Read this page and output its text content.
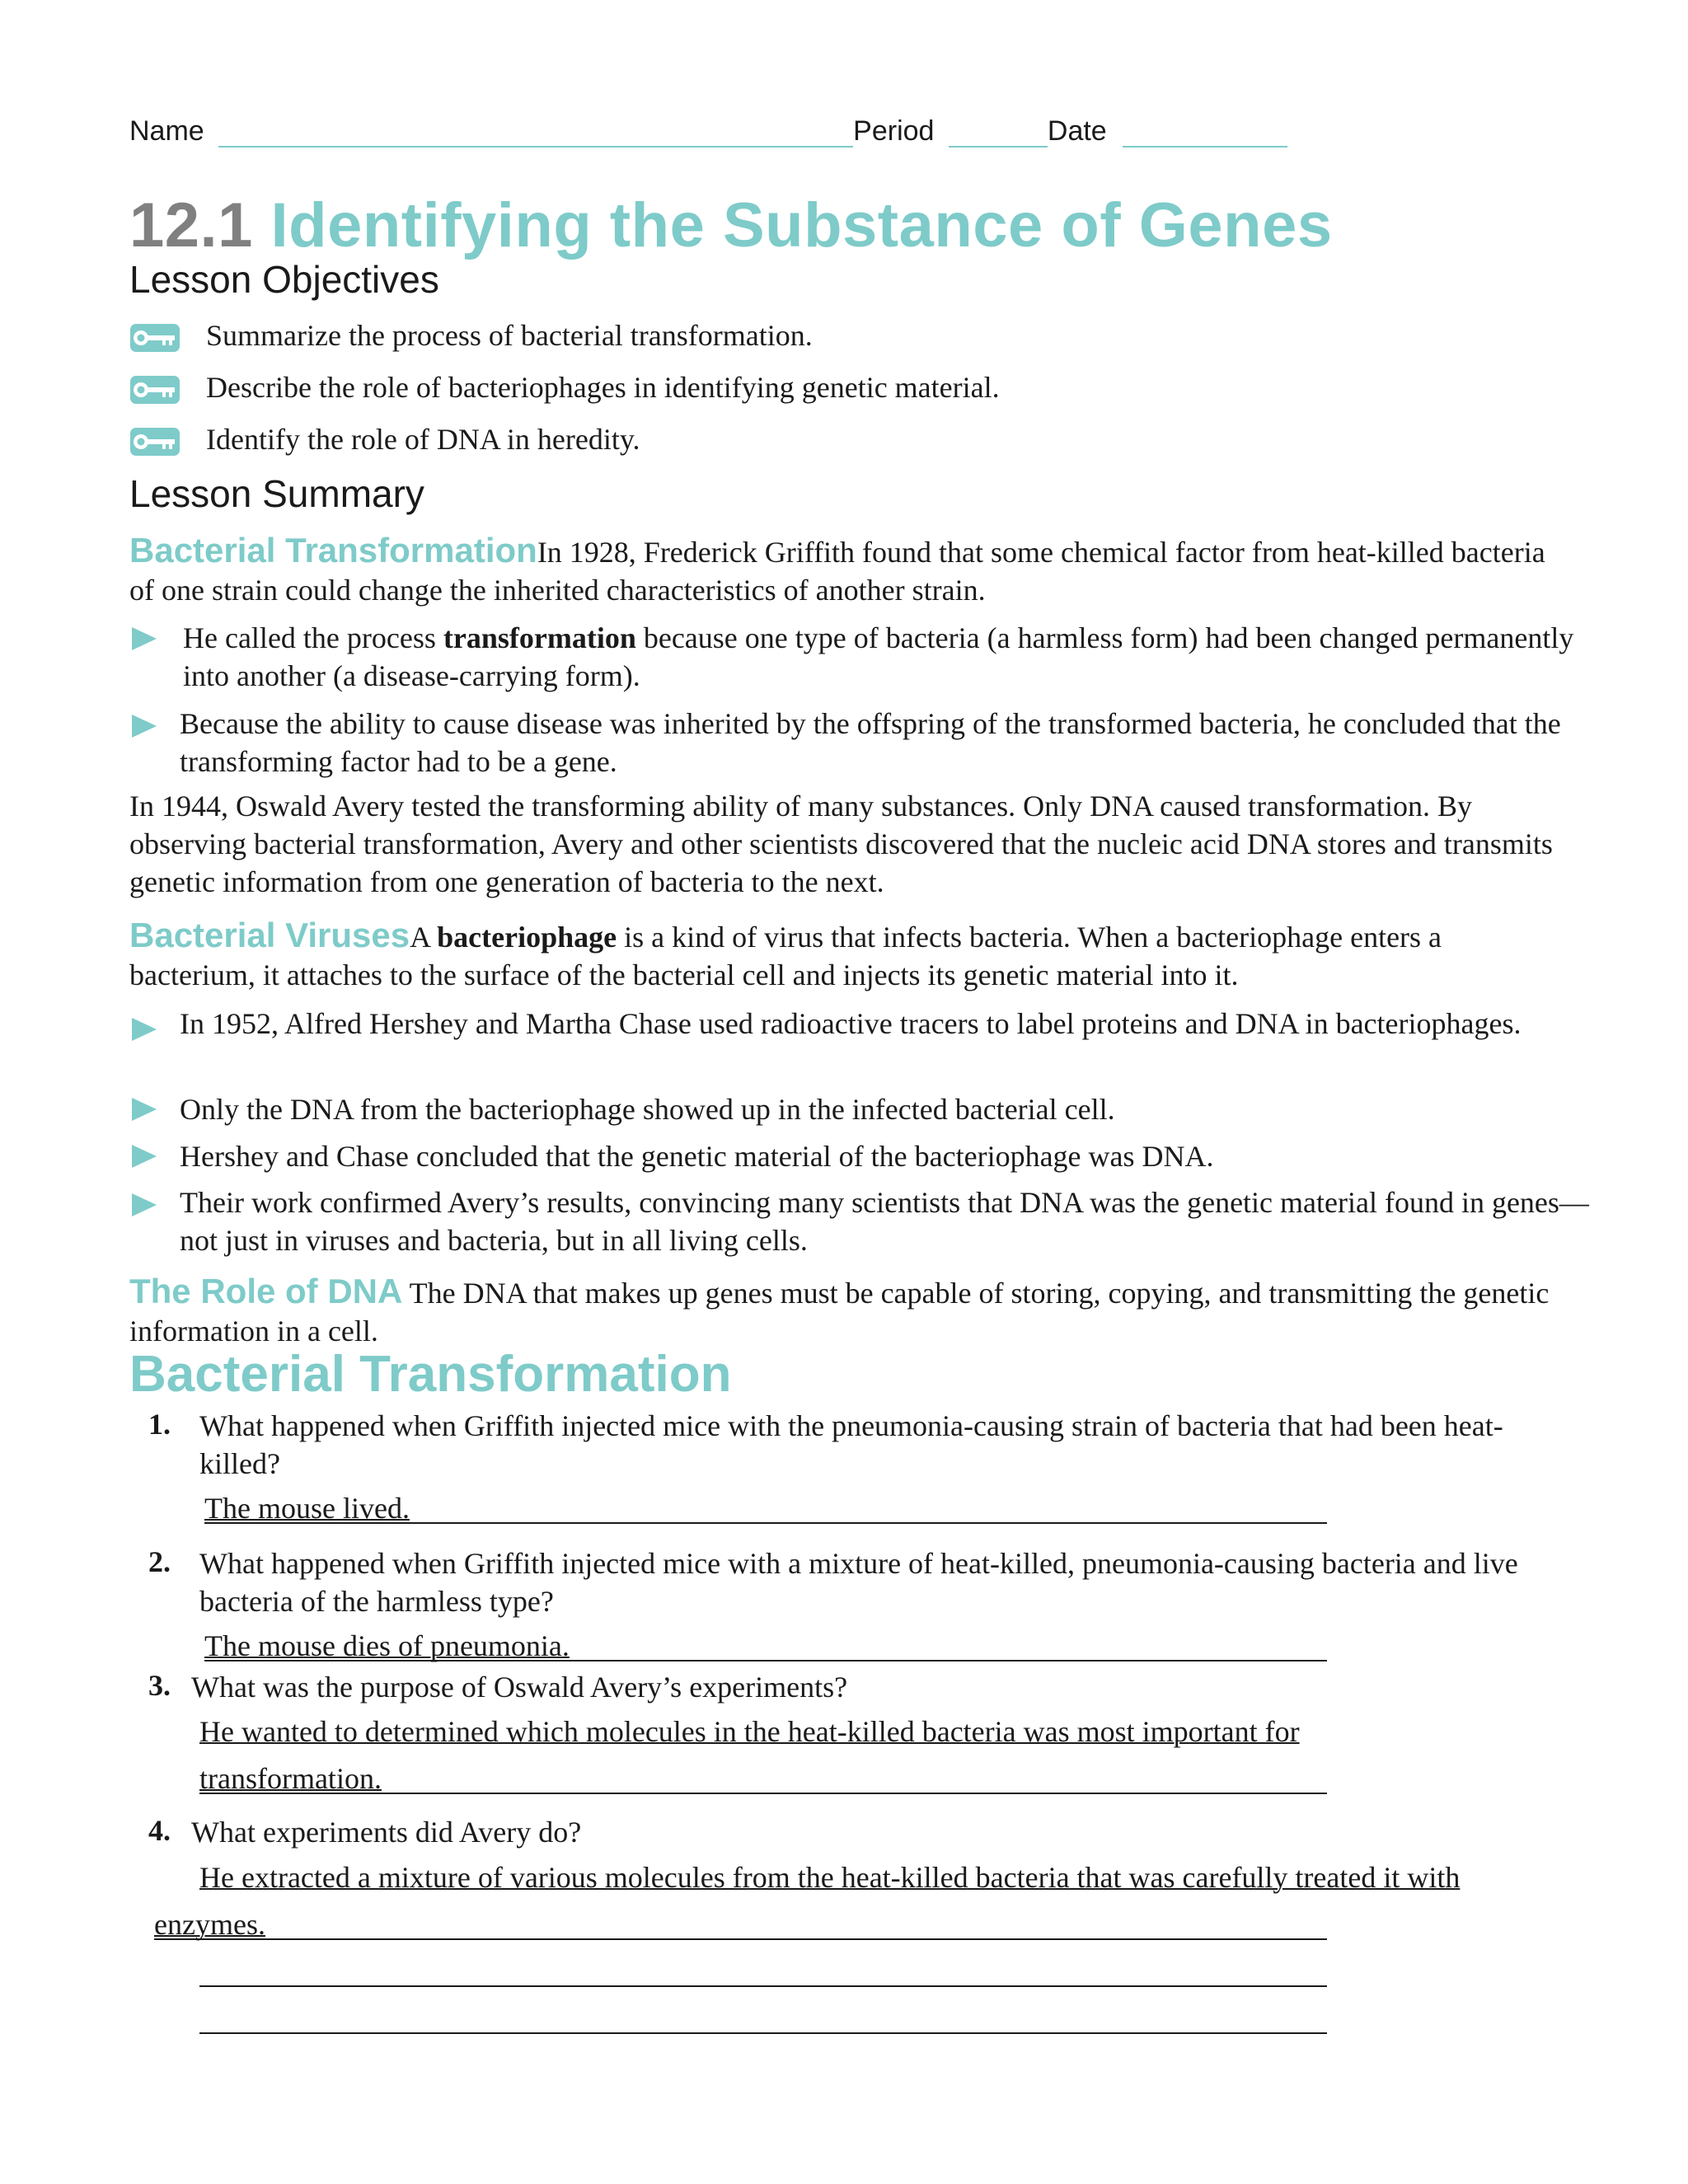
Name	Period	Date
12.1 Identifying the Substance of Genes
Lesson Objectives
Summarize the process of bacterial transformation.
Describe the role of bacteriophages in identifying genetic material.
Identify the role of DNA in heredity.
Lesson Summary
Bacterial TransformationIn 1928, Frederick Griffith found that some chemical factor from heat-killed bacteria of one strain could change the inherited characteristics of another strain.
He called the process transformation because one type of bacteria (a harmless form) had been changed permanently into another (a disease-carrying form).
Because the ability to cause disease was inherited by the offspring of the transformed bacteria, he concluded that the transforming factor had to be a gene.
In 1944, Oswald Avery tested the transforming ability of many substances. Only DNA caused transformation. By observing bacterial transformation, Avery and other scientists discovered that the nucleic acid DNA stores and transmits genetic information from one generation of bacteria to the next.
Bacterial VirusesA bacteriophage is a kind of virus that infects bacteria. When a bacteriophage enters a bacterium, it attaches to the surface of the bacterial cell and injects its genetic material into it.
In 1952, Alfred Hershey and Martha Chase used radioactive tracers to label proteins and DNA in bacteriophages.
Only the DNA from the bacteriophage showed up in the infected bacterial cell.
Hershey and Chase concluded that the genetic material of the bacteriophage was DNA.
Their work confirmed Avery’s results, convincing many scientists that DNA was the genetic material found in genes—not just in viruses and bacteria, but in all living cells.
The Role of DNA The DNA that makes up genes must be capable of storing, copying, and transmitting the genetic information in a cell.
Bacterial Transformation
1. What happened when Griffith injected mice with the pneumonia-causing strain of bacteria that had been heat-killed?
The mouse lived.
2. What happened when Griffith injected mice with a mixture of heat-killed, pneumonia-causing bacteria and live bacteria of the harmless type?
The mouse dies of pneumonia.
3. What was the purpose of Oswald Avery’s experiments?
He wanted to determined which molecules in the heat-killed bacteria was most important for
transformation.
4. What experiments did Avery do?
He extracted a mixture of various molecules from the heat-killed bacteria that was carefully treated it with
enzymes.
